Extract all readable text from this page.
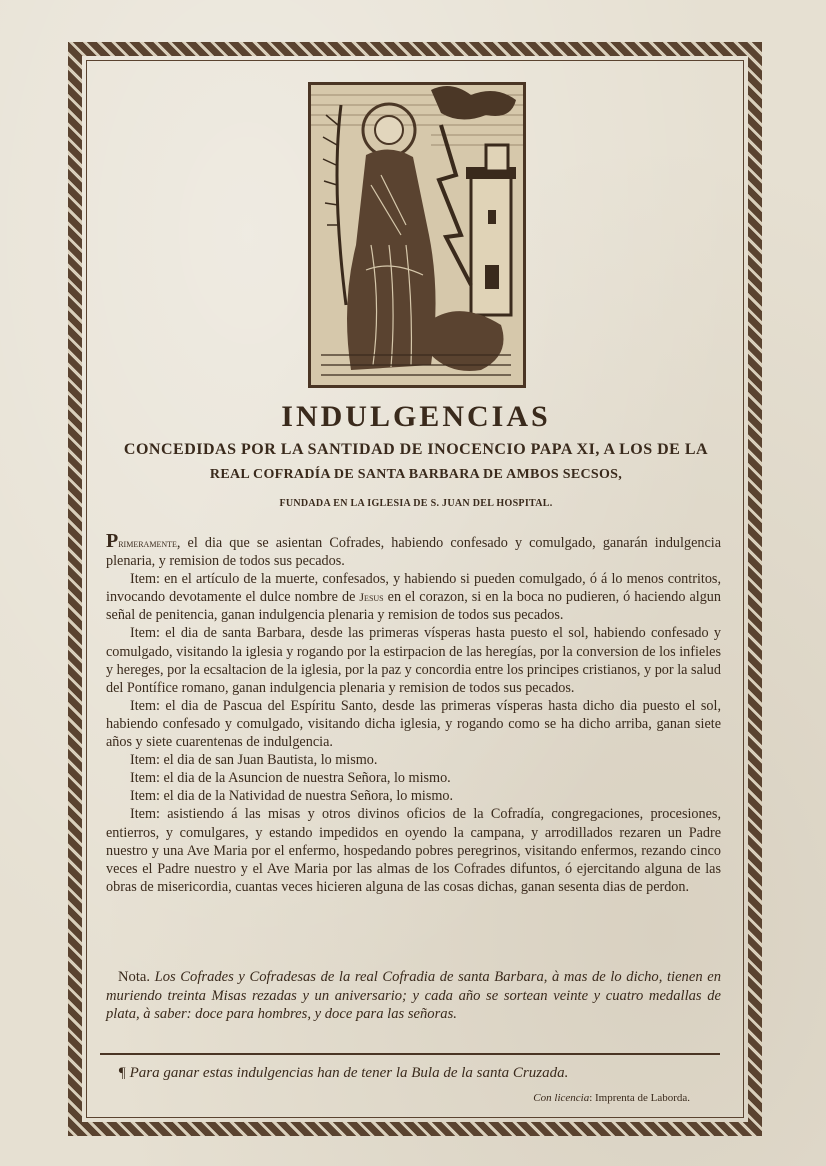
INDULGENCIAS
CONCEDIDAS POR LA SANTIDAD DE INOCENCIO PAPA XI, A LOS DE LA
REAL COFRADÍA DE SANTA BARBARA DE AMBOS SECSOS,
FUNDADA EN LA IGLESIA DE S. JUAN DEL HOSPITAL.

Primeramente, el dia que se asientan Cofrades, habiendo confesado y comulgado, ganarán indulgencia plenaria, y remision de todos sus pecados.

Item: en el artículo de la muerte, confesados, y habiendo si pueden comulgado, ó á lo menos contritos, invocando devotamente el dulce nombre de Jesus en el corazon, si en la boca no pudieren, ó haciendo algun señal de penitencia, ganan indulgencia plenaria y remision de todos sus pecados.

Item: el dia de santa Barbara, desde las primeras vísperas hasta puesto el sol, habiendo confesado y comulgado, visitando la iglesia y rogando por la estirpacion de las heregías, por la conversion de los infieles y hereges, por la ecsaltacion de la iglesia, por la paz y concordia entre los principes cristianos, y por la salud del Pontífice romano, ganan indulgencia plenaria y remision de todos sus pecados.

Item: el dia de Pascua del Espíritu Santo, desde las primeras vísperas hasta dicho dia puesto el sol, habiendo confesado y comulgado, visitando dicha iglesia, y rogando como se ha dicho arriba, ganan siete años y siete cuarentenas de indulgencia.

Item: el dia de san Juan Bautista, lo mismo.

Item: el dia de la Asuncion de nuestra Señora, lo mismo.

Item: el dia de la Natividad de nuestra Señora, lo mismo.

Item: asistiendo á las misas y otros divinos oficios de la Cofradía, congregaciones, procesiones, entierros, y comulgares, y estando impedidos en oyendo la campana, y arrodillados rezaren un Padre nuestro y una Ave Maria por el enfermo, hospedando pobres peregrinos, visitando enfermos, rezando cinco veces el Padre nuestro y el Ave Maria por las almas de los Cofrades difuntos, ó ejercitando alguna de las obras de misericordia, cuantas veces hicieren alguna de las cosas dichas, ganan sesenta dias de perdon.

Nota. Los Cofrades y Cofradesas de la real Cofradia de santa Barbara, à mas de lo dicho, tienen en muriendo treinta Misas rezadas y un aniversario; y cada año se sortean veinte y cuatro medallas de plata, à saber: doce para hombres, y doce para las señoras.
¶ Para ganar estas indulgencias han de tener la Bula de la santa Cruzada.
Con licencia: Imprenta de Laborda.
